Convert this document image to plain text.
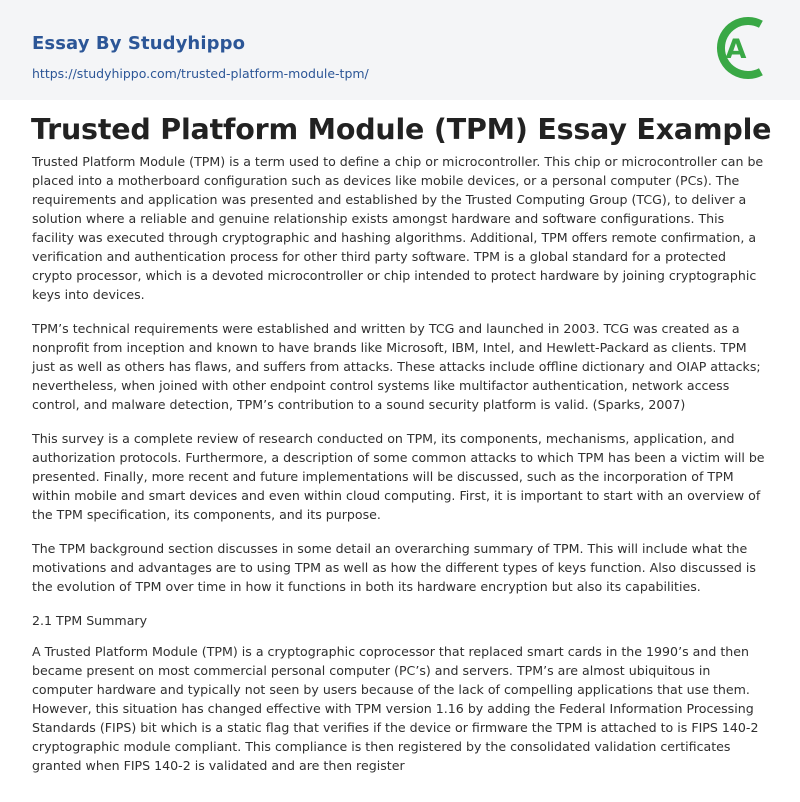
Essay By Studyhippo
https://studyhippo.com/trusted-platform-module-tpm/
A
Trusted Platform Module (TPM) Essay Example

Trusted Platform Module (TPM) is a term used to define a chip or microcontroller. This chip or microcontroller can be placed into a motherboard configuration such as devices like mobile devices, or a personal computer (PCs). The requirements and application was presented and established by the Trusted Computing Group (TCG), to deliver a solution where a reliable and genuine relationship exists amongst hardware and software configurations. This facility was executed through cryptographic and hashing algorithms. Additional, TPM offers remote confirmation, a verification and authentication process for other third party software. TPM is a global standard for a protected crypto processor, which is a devoted microcontroller or chip intended to protect hardware by joining cryptographic keys into devices.

TPM’s technical requirements were established and written by TCG and launched in 2003. TCG was created as a nonprofit from inception and known to have brands like Microsoft, IBM, Intel, and Hewlett-Packard as clients. TPM just as well as others has flaws, and suffers from attacks. These attacks include offline dictionary and OIAP attacks; nevertheless, when joined with other endpoint control systems like multifactor authentication, network access control, and malware detection, TPM’s contribution to a sound security platform is valid. (Sparks, 2007)

This survey is a complete review of research conducted on TPM, its components, mechanisms, application, and authorization protocols. Furthermore, a description of some common attacks to which TPM has been a victim will be presented. Finally, more recent and future implementations will be discussed, such as the incorporation of TPM within mobile and smart devices and even within cloud computing. First, it is important to start with an overview of the TPM specification, its components, and its purpose.

The TPM background section discusses in some detail an overarching summary of TPM. This will include what the motivations and advantages are to using TPM as well as how the different types of keys function. Also discussed is the evolution of TPM over time in how it functions in both its hardware encryption but also its capabilities.

2.1 TPM Summary

A Trusted Platform Module (TPM) is a cryptographic coprocessor that replaced smart cards in the 1990’s and then became present on most commercial personal computer (PC’s) and servers. TPM’s are almost ubiquitous in computer hardware and typically not seen by users because of the lack of compelling applications that use them. However, this situation has changed effective with TPM version 1.16 by adding the Federal Information Processing Standards (FIPS) bit which is a static flag that verifies if the device or firmware the TPM is attached to is FIPS 140-2 cryptographic module compliant. This compliance is then registered by the consolidated validation certificates granted when FIPS 140-2 is validated and are then register
